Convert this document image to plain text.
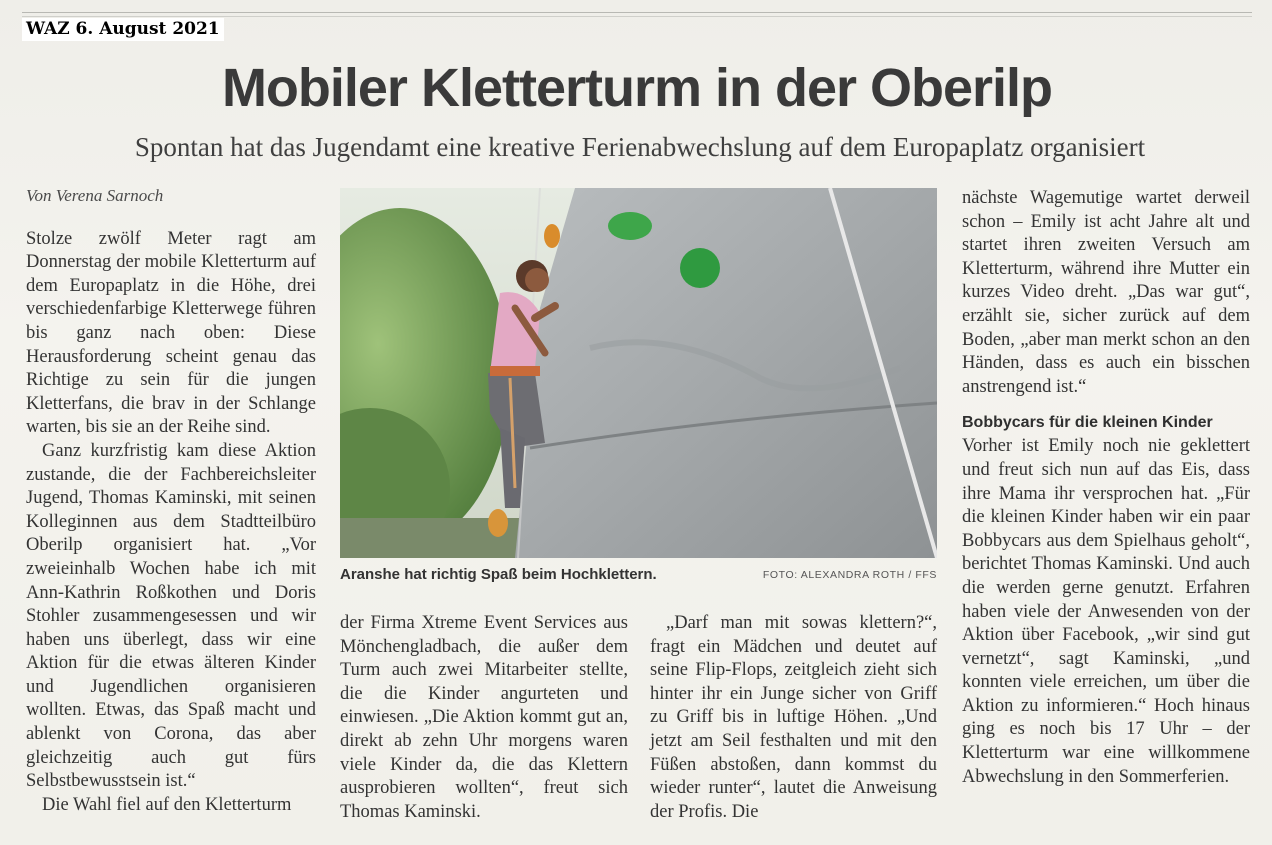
WAZ 6. August 2021
Mobiler Kletterturm in der Oberilp
Spontan hat das Jugendamt eine kreative Ferienabwechslung auf dem Europaplatz organisiert

Von Verena Sarnoch

Stolze zwölf Meter ragt am Donnerstag der mobile Kletterturm auf dem Europaplatz in die Höhe, drei verschiedenfarbige Kletterwege führen bis ganz nach oben: Diese Herausforderung scheint genau das Richtige zu sein für die jungen Kletterfans, die brav in der Schlange warten, bis sie an der Reihe sind.

Ganz kurzfristig kam diese Aktion zustande, die der Fachbereichsleiter Jugend, Thomas Kaminski, mit seinen Kolleginnen aus dem Stadtteilbüro Oberilp organisiert hat. „Vor zweieinhalb Wochen habe ich mit Ann-Kathrin Roßkothen und Doris Stohler zusammengesessen und wir haben uns überlegt, dass wir eine Aktion für die etwas älteren Kinder und Jugendlichen organisieren wollten. Etwas, das Spaß macht und ablenkt von Corona, das aber gleichzeitig auch gut fürs Selbstbewusstsein ist.“

Die Wahl fiel auf den Kletterturm

Aranshe hat richtig Spaß beim Hochklettern.	FOTO: ALEXANDRA ROTH / FFS

der Firma Xtreme Event Services aus Mönchengladbach, die außer dem Turm auch zwei Mitarbeiter stellte, die die Kinder angurteten und einwiesen. „Die Aktion kommt gut an, direkt ab zehn Uhr morgens waren viele Kinder da, die das Klettern ausprobieren wollten“, freut sich Thomas Kaminski.

„Darf man mit sowas klettern?“, fragt ein Mädchen und deutet auf seine Flip-Flops, zeitgleich zieht sich hinter ihr ein Junge sicher von Griff zu Griff bis in luftige Höhen. „Und jetzt am Seil festhalten und mit den Füßen abstoßen, dann kommst du wieder runter“, lautet die Anweisung der Profis. Die

nächste Wagemutige wartet derweil schon – Emily ist acht Jahre alt und startet ihren zweiten Versuch am Kletterturm, während ihre Mutter ein kurzes Video dreht. „Das war gut“, erzählt sie, sicher zurück auf dem Boden, „aber man merkt schon an den Händen, dass es auch ein bisschen anstrengend ist.“

Bobbycars für die kleinen Kinder

Vorher ist Emily noch nie geklettert und freut sich nun auf das Eis, dass ihre Mama ihr versprochen hat. „Für die kleinen Kinder haben wir ein paar Bobbycars aus dem Spielhaus geholt“, berichtet Thomas Kaminski. Und auch die werden gerne genutzt. Erfahren haben viele der Anwesenden von der Aktion über Facebook, „wir sind gut vernetzt“, sagt Kaminski, „und konnten viele erreichen, um über die Aktion zu informieren.“ Hoch hinaus ging es noch bis 17 Uhr – der Kletterturm war eine willkommene Abwechslung in den Sommerferien.
